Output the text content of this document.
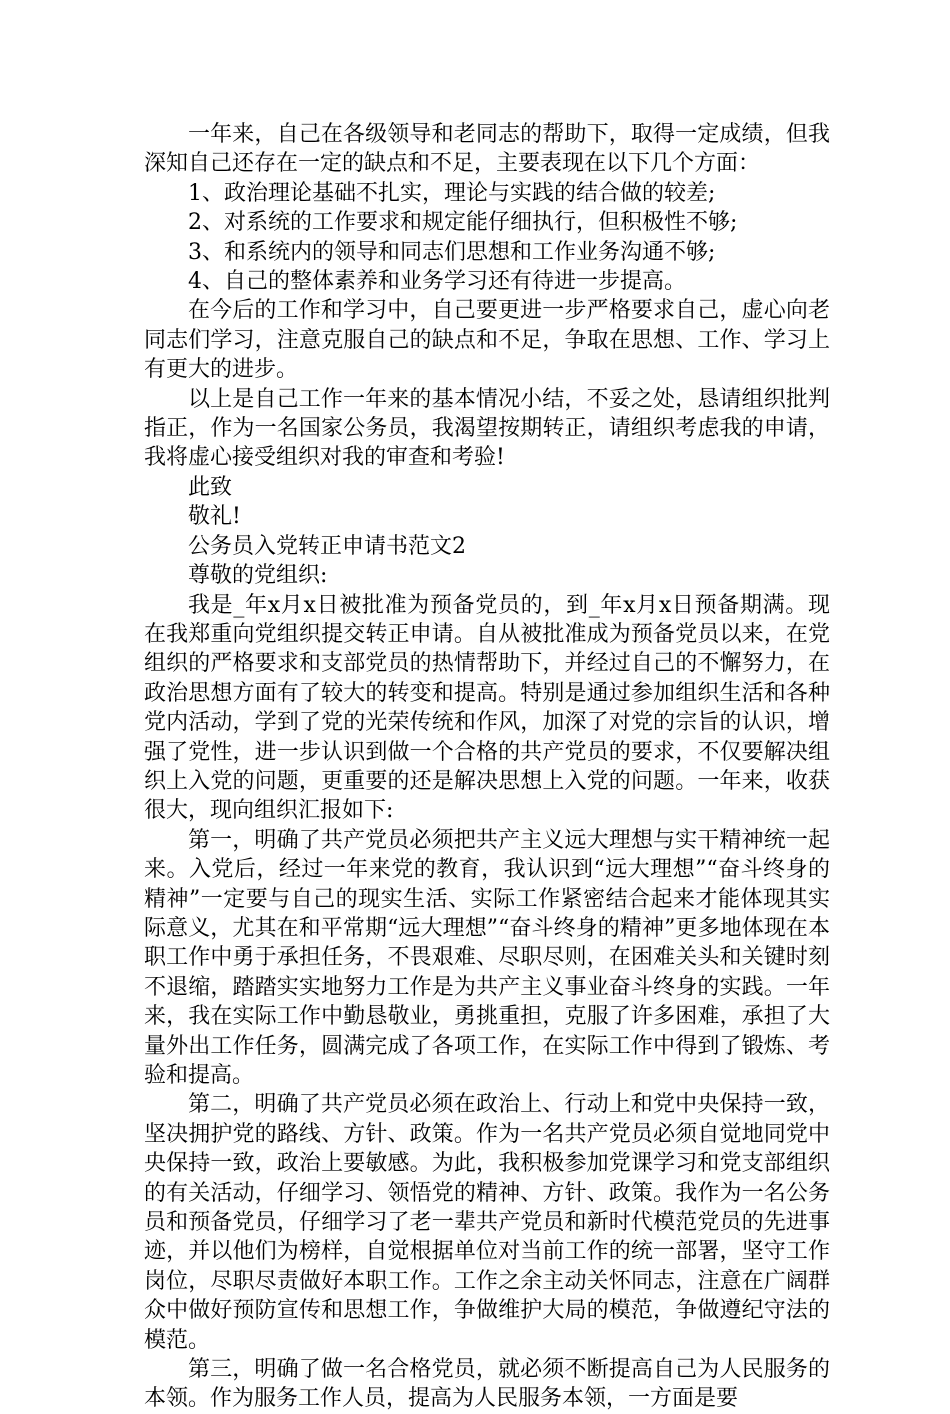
一年来，自己在各级领导和老同志的帮助下，取得一定成绩，但我深知自己还存在一定的缺点和不足，主要表现在以下几个方面：

1、政治理论基础不扎实，理论与实践的结合做的较差;

2、对系统的工作要求和规定能仔细执行，但积极性不够;

3、和系统内的领导和同志们思想和工作业务沟通不够;

4、自己的整体素养和业务学习还有待进一步提高。

在今后的工作和学习中，自己要更进一步严格要求自己，虚心向老同志们学习，注意克服自己的缺点和不足，争取在思想、工作、学习上有更大的进步。

以上是自己工作一年来的基本情况小结，不妥之处，恳请组织批判指正，作为一名国家公务员，我渴望按期转正，请组织考虑我的申请，我将虚心接受组织对我的审查和考验!

此致

敬礼!

公务员入党转正申请书范文2

尊敬的党组织:

我是_年x月x日被批准为预备党员的，到_年x月x日预备期满。现在我郑重向党组织提交转正申请。自从被批准成为预备党员以来，在党组织的严格要求和支部党员的热情帮助下，并经过自己的不懈努力，在政治思想方面有了较大的转变和提高。特别是通过参加组织生活和各种党内活动，学到了党的光荣传统和作风，加深了对党的宗旨的认识，增强了党性，进一步认识到做一个合格的共产党员的要求，不仅要解决组织上入党的问题，更重要的还是解决思想上入党的问题。一年来，收获很大，现向组织汇报如下:

第一，明确了共产党员必须把共产主义远大理想与实干精神统一起来。入党后，经过一年来党的教育，我认识到“远大理想”“奋斗终身的精神”一定要与自己的现实生活、实际工作紧密结合起来才能体现其实际意义，尤其在和平常期“远大理想”“奋斗终身的精神”更多地体现在本职工作中勇于承担任务，不畏艰难、尽职尽则，在困难关头和关键时刻不退缩，踏踏实实地努力工作是为共产主义事业奋斗终身的实践。一年来，我在实际工作中勤恳敬业，勇挑重担，克服了许多困难，承担了大量外出工作任务，圆满完成了各项工作，在实际工作中得到了锻炼、考验和提高。

第二，明确了共产党员必须在政治上、行动上和党中央保持一致，坚决拥护党的路线、方针、政策。作为一名共产党员必须自觉地同党中央保持一致，政治上要敏感。为此，我积极参加党课学习和党支部组织的有关活动，仔细学习、领悟党的精神、方针、政策。我作为一名公务员和预备党员，仔细学习了老一辈共产党员和新时代模范党员的先进事迹，并以他们为榜样，自觉根据单位对当前工作的统一部署，坚守工作岗位，尽职尽责做好本职工作。工作之余主动关怀同志，注意在广阔群众中做好预防宣传和思想工作，争做维护大局的模范，争做遵纪守法的模范。

第三，明确了做一名合格党员，就必须不断提高自己为人民服务的本领。作为服务工作人员，提高为人民服务本领，一方面是要
